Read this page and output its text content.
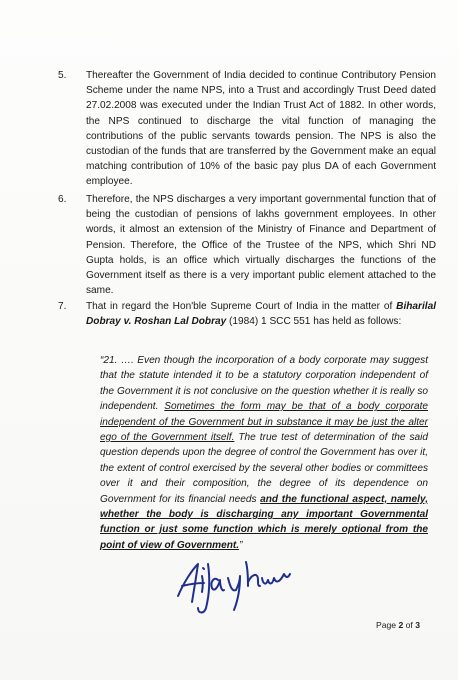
5. Thereafter the Government of India decided to continue Contributory Pension Scheme under the name NPS, into a Trust and accordingly Trust Deed dated 27.02.2008 was executed under the Indian Trust Act of 1882. In other words, the NPS continued to discharge the vital function of managing the contributions of the public servants towards pension. The NPS is also the custodian of the funds that are transferred by the Government make an equal matching contribution of 10% of the basic pay plus DA of each Government employee.
6. Therefore, the NPS discharges a very important governmental function that of being the custodian of pensions of lakhs government employees. In other words, it almost an extension of the Ministry of Finance and Department of Pension. Therefore, the Office of the Trustee of the NPS, which Shri ND Gupta holds, is an office which virtually discharges the functions of the Government itself as there is a very important public element attached to the same.
7. That in regard the Hon'ble Supreme Court of India in the matter of Biharilal Dobray v. Roshan Lal Dobray (1984) 1 SCC 551 has held as follows:
“21. …. Even though the incorporation of a body corporate may suggest that the statute intended it to be a statutory corporation independent of the Government it is not conclusive on the question whether it is really so independent. Sometimes the form may be that of a body corporate independent of the Government but in substance it may be just the alter ego of the Government itself. The true test of determination of the said question depends upon the degree of control the Government has over it, the extent of control exercised by the several other bodies or committees over it and their composition, the degree of its dependence on Government for its financial needs and the functional aspect, namely, whether the body is discharging any important Governmental function or just some function which is merely optional from the point of view of Government.”
Page 2 of 3
